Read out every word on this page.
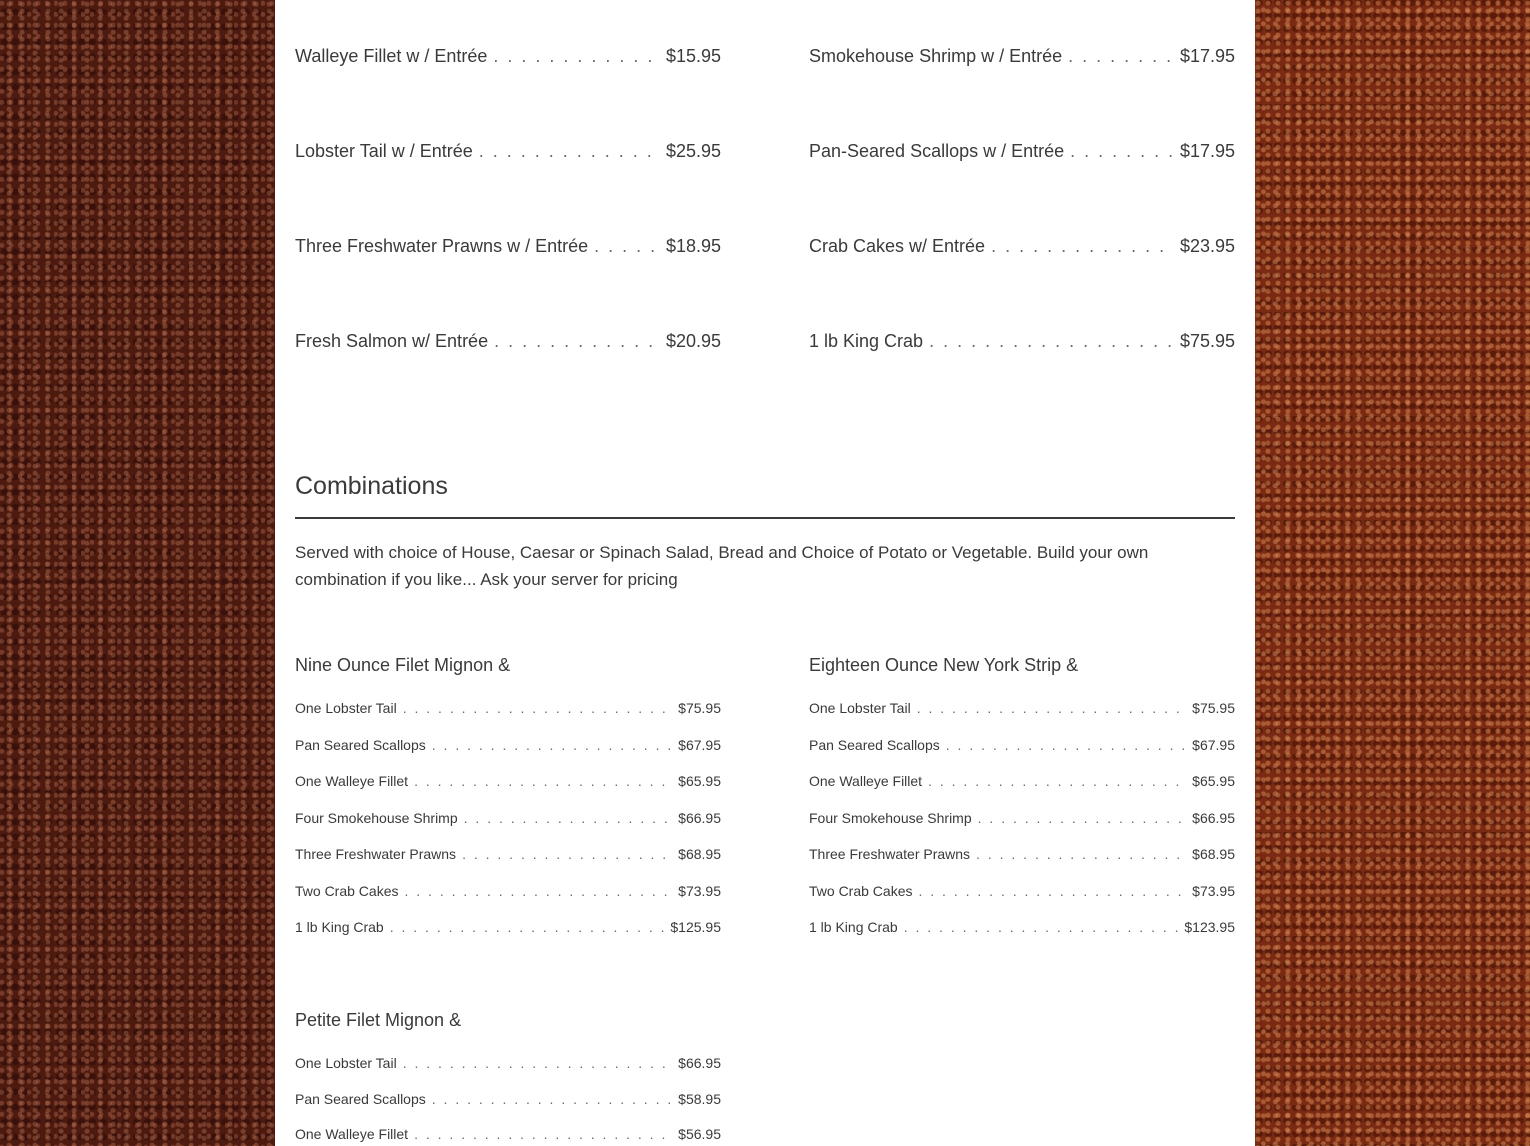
Walleye Fillet w / Entrée . . .	$15.95
Lobster Tail w / Entrée . . .	$25.95
Three Freshwater Prawns w / Entrée . . .	$18.95
Fresh Salmon w/ Entrée . . .	$20.95
Smokehouse Shrimp w / Entrée . . .	$17.95
Pan-Seared Scallops w / Entrée . . .	$17.95
Crab Cakes w/ Entrée . . .	$23.95
1 lb King Crab . . .	$75.95
Combinations
Served with choice of House, Caesar or Spinach Salad, Bread and Choice of Potato or Vegetable. Build your own combination if you like... Ask your server for pricing
Nine Ounce Filet Mignon &
One Lobster Tail . . .	$75.95
Pan Seared Scallops . . .	$67.95
One Walleye Fillet . . .	$65.95
Four Smokehouse Shrimp . . .	$66.95
Three Freshwater Prawns . . .	$68.95
Two Crab Cakes . . .	$73.95
1 lb King Crab . . .	$125.95
Eighteen Ounce New York Strip &
One Lobster Tail . . .	$75.95
Pan Seared Scallops . . .	$67.95
One Walleye Fillet . . .	$65.95
Four Smokehouse Shrimp . . .	$66.95
Three Freshwater Prawns . . .	$68.95
Two Crab Cakes . . .	$73.95
1 lb King Crab . . .	$123.95
Petite Filet Mignon &
One Lobster Tail . . .	$66.95
Pan Seared Scallops . . .	$58.95
One Walleye Fillet . . .	$56.95
